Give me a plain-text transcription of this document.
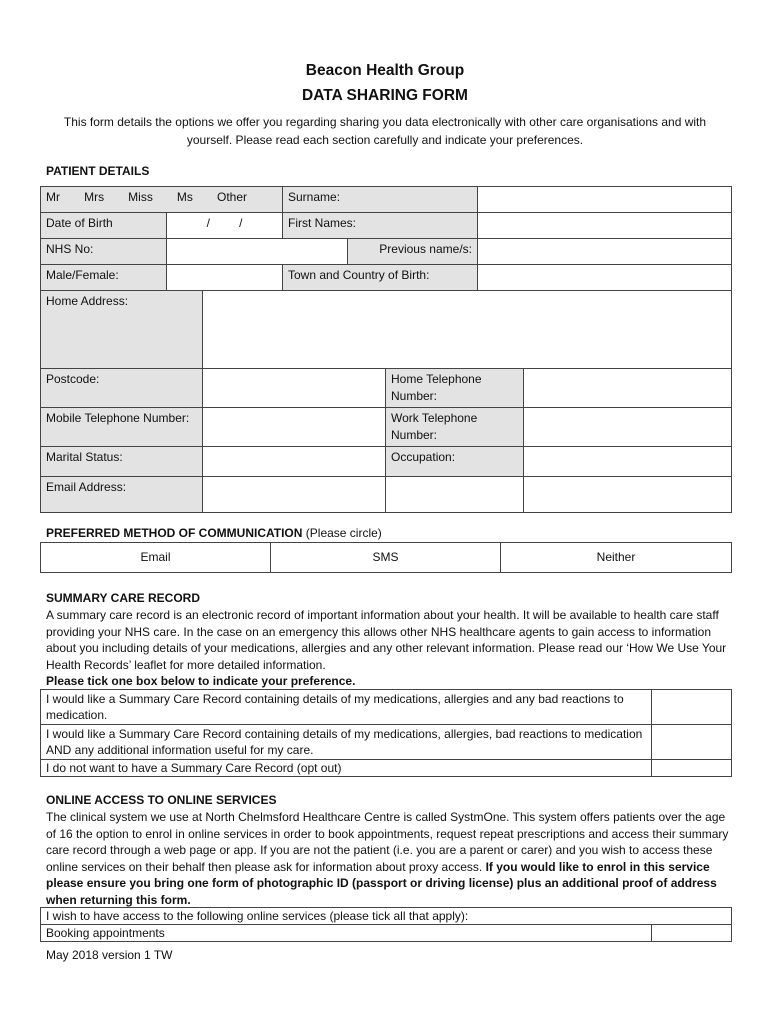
Beacon Health Group
DATA SHARING FORM
This form details the options we offer you regarding sharing you data electronically with other care organisations and with yourself. Please read each section carefully and indicate your preferences.
PATIENT DETAILS
Mr Mrs Miss Ms Other		Surname:		
Date of Birth	/ /	First Names:		
NHS No:			Previous name/s:	
Male/Female:		Town and Country of Birth:		
Home Address:			
Postcode:		Home Telephone Number:	
Mobile Telephone Number:		Work Telephone Number:	
Marital Status:		Occupation:	
Email Address:			
PREFERRED METHOD OF COMMUNICATION (Please circle)
Email	SMS	Neither
SUMMARY CARE RECORD
A summary care record is an electronic record of important information about your health. It will be available to health care staff providing your NHS care. In the case on an emergency this allows other NHS healthcare agents to gain access to information about you including details of your medications, allergies and any other relevant information. Please read our ‘How We Use Your Health Records’ leaflet for more detailed information.
Please tick one box below to indicate your preference.
I would like a Summary Care Record containing details of my medications, allergies and any bad reactions to medication.	
I would like a Summary Care Record containing details of my medications, allergies, bad reactions to medication AND any additional information useful for my care.	
I do not want to have a Summary Care Record (opt out)	
ONLINE ACCESS TO ONLINE SERVICES
The clinical system we use at North Chelmsford Healthcare Centre is called SystmOne. This system offers patients over the age of 16 the option to enrol in online services in order to book appointments, request repeat prescriptions and access their summary care record through a web page or app. If you are not the patient (i.e. you are a parent or carer) and you wish to access these online services on their behalf then please ask for information about proxy access. If you would like to enrol in this service please ensure you bring one form of photographic ID (passport or driving license) plus an additional proof of address when returning this form.
I wish to have access to the following online services (please tick all that apply):
Booking appointments	
May 2018 version 1 TW
